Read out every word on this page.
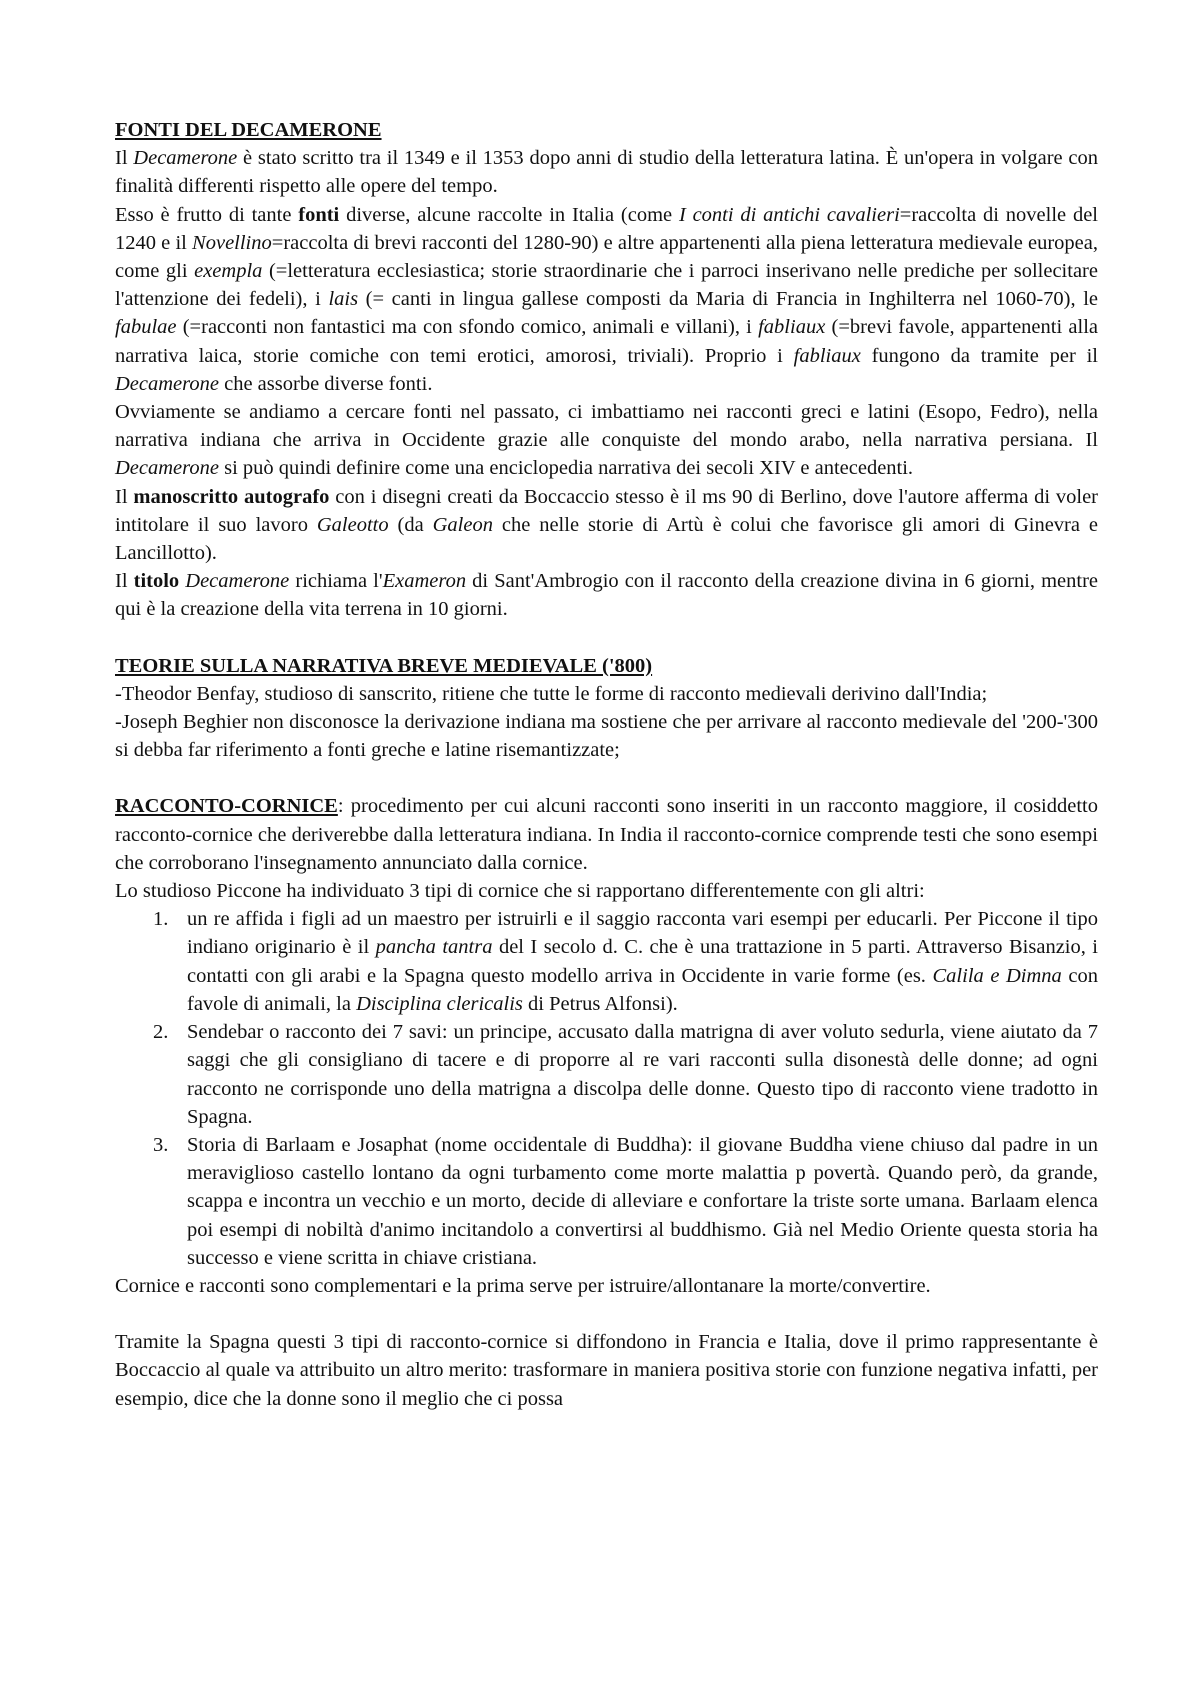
FONTI DEL DECAMERONE

Il Decamerone è stato scritto tra il 1349 e il 1353 dopo anni di studio della letteratura latina. È un'opera in volgare con finalità differenti rispetto alle opere del tempo.

Esso è frutto di tante fonti diverse, alcune raccolte in Italia (come I conti di antichi cavalieri=raccolta di novelle del 1240 e il Novellino=raccolta di brevi racconti del 1280-90) e altre appartenenti alla piena letteratura medievale europea, come gli exempla (=letteratura ecclesiastica; storie straordinarie che i parroci inserivano nelle prediche per sollecitare l'attenzione dei fedeli), i lais (= canti in lingua gallese composti da Maria di Francia in Inghilterra nel 1060-70), le fabulae (=racconti non fantastici ma con sfondo comico, animali e villani), i fabliaux (=brevi favole, appartenenti alla narrativa laica, storie comiche con temi erotici, amorosi, triviali). Proprio i fabliaux fungono da tramite per il Decamerone che assorbe diverse fonti.

Ovviamente se andiamo a cercare fonti nel passato, ci imbattiamo nei racconti greci e latini (Esopo, Fedro), nella narrativa indiana che arriva in Occidente grazie alle conquiste del mondo arabo, nella narrativa persiana. Il Decamerone si può quindi definire come una enciclopedia narrativa dei secoli XIV e antecedenti.

Il manoscritto autografo con i disegni creati da Boccaccio stesso è il ms 90 di Berlino, dove l'autore afferma di voler intitolare il suo lavoro Galeotto (da Galeon che nelle storie di Artù è colui che favorisce gli amori di Ginevra e Lancillotto).

Il titolo Decamerone richiama l'Exameron di Sant'Ambrogio con il racconto della creazione divina in 6 giorni, mentre qui è la creazione della vita terrena in 10 giorni.

TEORIE SULLA NARRATIVA BREVE MEDIEVALE ('800)

-Theodor Benfay, studioso di sanscrito, ritiene che tutte le forme di racconto medievali derivino dall'India;

-Joseph Beghier non disconosce la derivazione indiana ma sostiene che per arrivare al racconto medievale del '200-'300 si debba far riferimento a fonti greche e latine risemantizzate;

RACCONTO-CORNICE: procedimento per cui alcuni racconti sono inseriti in un racconto maggiore, il cosiddetto racconto-cornice che deriverebbe dalla letteratura indiana. In India il racconto-cornice comprende testi che sono esempi che corroborano l'insegnamento annunciato dalla cornice.

Lo studioso Piccone ha individuato 3 tipi di cornice che si rapportano differentemente con gli altri:

1. un re affida i figli ad un maestro per istruirli e il saggio racconta vari esempi per educarli. Per Piccone il tipo indiano originario è il pancha tantra del I secolo d. C. che è una trattazione in 5 parti. Attraverso Bisanzio, i contatti con gli arabi e la Spagna questo modello arriva in Occidente in varie forme (es. Calila e Dimna con favole di animali, la Disciplina clericalis di Petrus Alfonsi).
2. Sendebar o racconto dei 7 savi: un principe, accusato dalla matrigna di aver voluto sedurla, viene aiutato da 7 saggi che gli consigliano di tacere e di proporre al re vari racconti sulla disonestà delle donne; ad ogni racconto ne corrisponde uno della matrigna a discolpa delle donne. Questo tipo di racconto viene tradotto in Spagna.
3. Storia di Barlaam e Josaphat (nome occidentale di Buddha): il giovane Buddha viene chiuso dal padre in un meraviglioso castello lontano da ogni turbamento come morte malattia p povertà. Quando però, da grande, scappa e incontra un vecchio e un morto, decide di alleviare e confortare la triste sorte umana. Barlaam elenca poi esempi di nobiltà d'animo incitandolo a convertirsi al buddhismo. Già nel Medio Oriente questa storia ha successo e viene scritta in chiave cristiana.

Cornice e racconti sono complementari e la prima serve per istruire/allontanare la morte/convertire.

Tramite la Spagna questi 3 tipi di racconto-cornice si diffondono in Francia e Italia, dove il primo rappresentante è Boccaccio al quale va attribuito un altro merito: trasformare in maniera positiva storie con funzione negativa infatti, per esempio, dice che la donne sono il meglio che ci possa
